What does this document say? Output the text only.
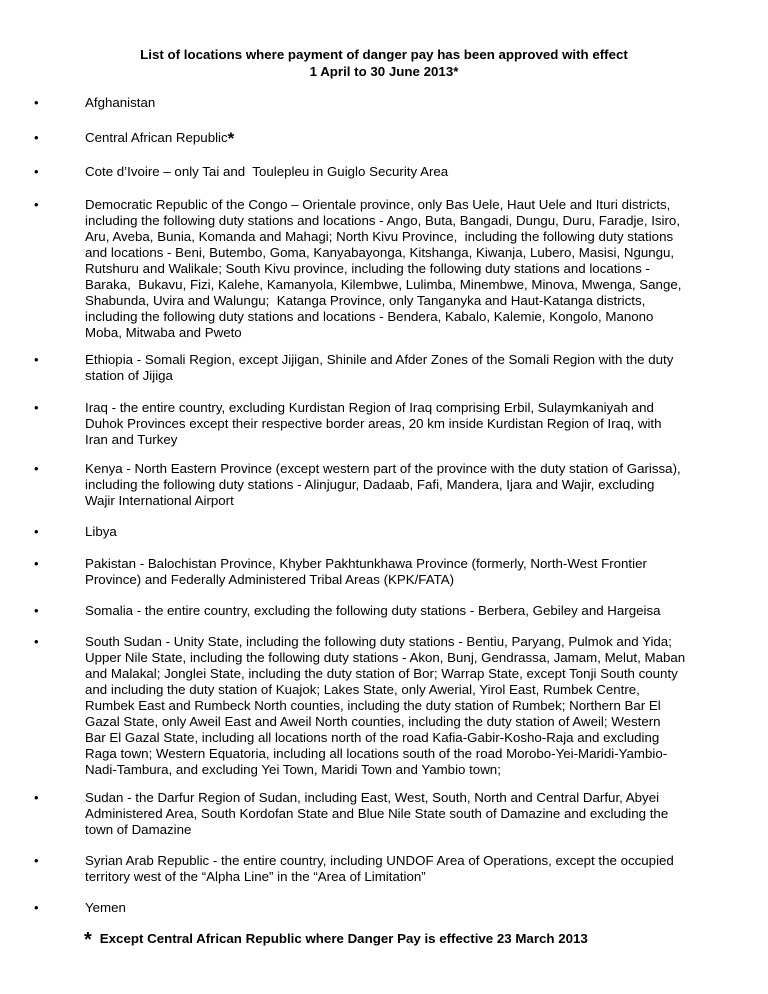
List of locations where payment of danger pay has been approved with effect
1 April to 30 June 2013*
•	Afghanistan
•	Central African Republic*
•	Cote d’Ivoire – only Tai and  Toulepleu in Guiglo Security Area
•	Democratic Republic of the Congo – Orientale province, only Bas Uele, Haut Uele and Ituri districts,
including the following duty stations and locations - Ango, Buta, Bangadi, Dungu, Duru, Faradje, Isiro,
Aru, Aveba, Bunia, Komanda and Mahagi; North Kivu Province,  including the following duty stations
and locations - Beni, Butembo, Goma, Kanyabayonga, Kitshanga, Kiwanja, Lubero, Masisi, Ngungu,
Rutshuru and Walikale; South Kivu province, including the following duty stations and locations -
Baraka,  Bukavu, Fizi, Kalehe, Kamanyola, Kilembwe, Lulimba, Minembwe, Minova, Mwenga, Sange,
Shabunda, Uvira and Walungu;  Katanga Province, only Tanganyka and Haut-Katanga districts,
including the following duty stations and locations - Bendera, Kabalo, Kalemie, Kongolo, Manono
Moba, Mitwaba and Pweto
•	Ethiopia - Somali Region, except Jijigan, Shinile and Afder Zones of the Somali Region with the duty
station of Jijiga
•	Iraq - the entire country, excluding Kurdistan Region of Iraq comprising Erbil, Sulaymkaniyah and
Duhok Provinces except their respective border areas, 20 km inside Kurdistan Region of Iraq, with
Iran and Turkey
•	Kenya - North Eastern Province (except western part of the province with the duty station of Garissa),
including the following duty stations - Alinjugur, Dadaab, Fafi, Mandera, Ijara and Wajir, excluding
Wajir International Airport
•	Libya
•	Pakistan - Balochistan Province, Khyber Pakhtunkhawa Province (formerly, North-West Frontier
Province) and Federally Administered Tribal Areas (KPK/FATA)
•	Somalia - the entire country, excluding the following duty stations - Berbera, Gebiley and Hargeisa
•	South Sudan - Unity State, including the following duty stations - Bentiu, Paryang, Pulmok and Yida;
Upper Nile State, including the following duty stations - Akon, Bunj, Gendrassa, Jamam, Melut, Maban
and Malakal; Jonglei State, including the duty station of Bor; Warrap State, except Tonji South county
and including the duty station of Kuajok; Lakes State, only Awerial, Yirol East, Rumbek Centre,
Rumbek East and Rumbeck North counties, including the duty station of Rumbek; Northern Bar El
Gazal State, only Aweil East and Aweil North counties, including the duty station of Aweil; Western
Bar El Gazal State, including all locations north of the road Kafia-Gabir-Kosho-Raja and excluding
Raga town; Western Equatoria, including all locations south of the road Morobo-Yei-Maridi-Yambio-
Nadi-Tambura, and excluding Yei Town, Maridi Town and Yambio town;
•	Sudan - the Darfur Region of Sudan, including East, West, South, North and Central Darfur, Abyei
Administered Area, South Kordofan State and Blue Nile State south of Damazine and excluding the
town of Damazine
•	Syrian Arab Republic - the entire country, including UNDOF Area of Operations, except the occupied
territory west of the “Alpha Line” in the “Area of Limitation”
•	Yemen
* Except Central African Republic where Danger Pay is effective 23 March 2013
